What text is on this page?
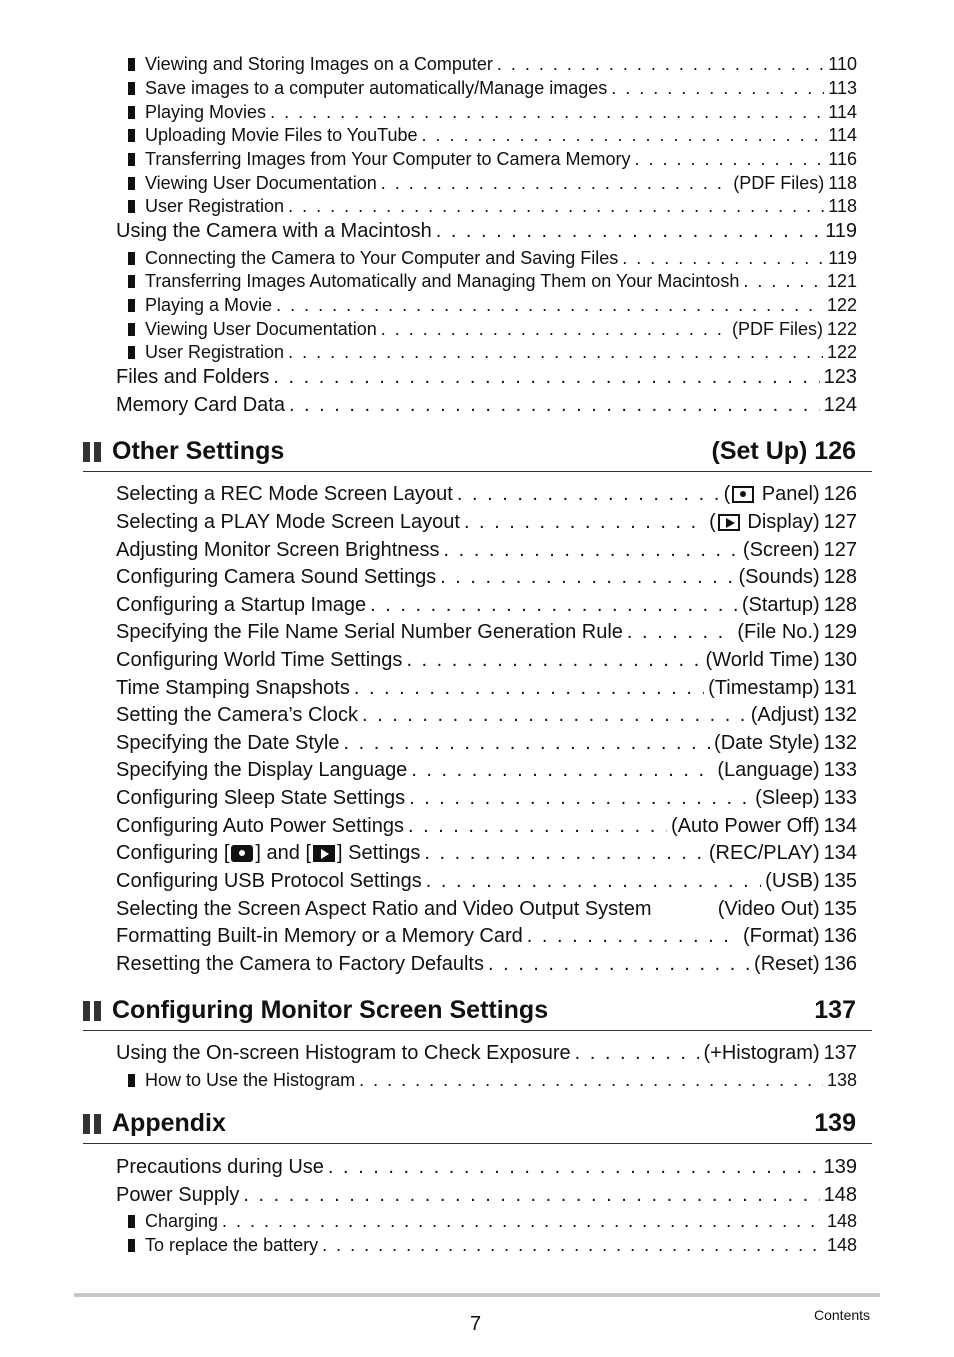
Viewing and Storing Images on a Computer . . .	110
Save images to a computer automatically/Manage images . . .	113
Playing Movies . . .	114
Uploading Movie Files to YouTube . . .	114
Transferring Images from Your Computer to Camera Memory . . .	116
Viewing User Documentation . . .	(PDF Files) 118
User Registration . . .	118
Using the Camera with a Macintosh . . .	119
Connecting the Camera to Your Computer and Saving Files . . .	119
Transferring Images Automatically and Managing Them on Your Macintosh . . .	121
Playing a Movie . . .	122
Viewing User Documentation . . .	(PDF Files) 122
User Registration . . .	122
Files and Folders . . .	123
Memory Card Data . . .	124
Other Settings	(Set Up) 126
Selecting a REC Mode Screen Layout . . .	( Panel) 126
Selecting a PLAY Mode Screen Layout . . .	( Display) 127
Adjusting Monitor Screen Brightness . . .	(Screen) 127
Configuring Camera Sound Settings . . .	(Sounds) 128
Configuring a Startup Image . . .	(Startup) 128
Specifying the File Name Serial Number Generation Rule . . .	(File No.) 129
Configuring World Time Settings . . .	(World Time) 130
Time Stamping Snapshots . . .	(Timestamp) 131
Setting the Camera’s Clock . . .	(Adjust) 132
Specifying the Date Style . . .	(Date Style) 132
Specifying the Display Language . . .	(Language) 133
Configuring Sleep State Settings . . .	(Sleep) 133
Configuring Auto Power Settings . . .	(Auto Power Off) 134
Configuring [ ] and [ ] Settings . . .	(REC/PLAY) 134
Configuring USB Protocol Settings . . .	(USB) 135
Selecting the Screen Aspect Ratio and Video Output System	(Video Out) 135
Formatting Built-in Memory or a Memory Card . . .	(Format) 136
Resetting the Camera to Factory Defaults . . .	(Reset) 136
Configuring Monitor Screen Settings	137
Using the On-screen Histogram to Check Exposure . . .	(+Histogram) 137
How to Use the Histogram . . .	138
Appendix	139
Precautions during Use . . .	139
Power Supply . . .	148
Charging . . .	148
To replace the battery . . .	148
7	Contents
